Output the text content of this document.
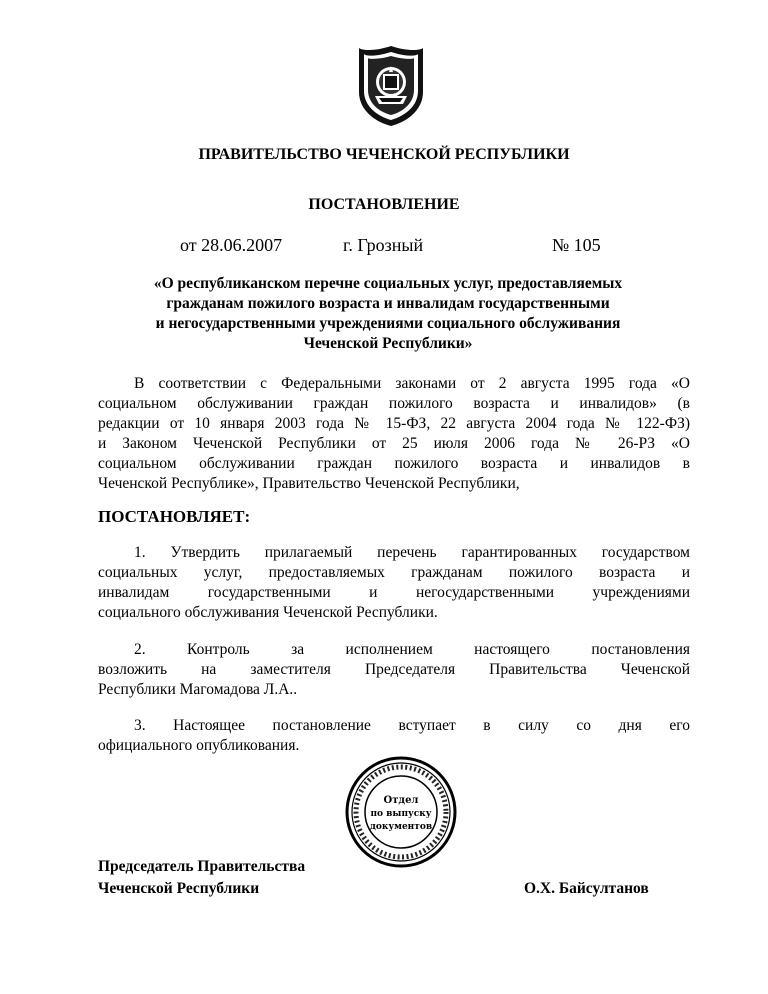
ПРАВИТЕЛЬСТВО ЧЕЧЕНСКОЙ РЕСПУБЛИКИ
ПОСТАНОВЛЕНИЕ
от 28.06.2007	г. Грозный	№ 105
«О республиканском перечне социальных услуг, предоставляемых
гражданам пожилого возраста и инвалидам государственными
и негосударственными учреждениями социального обслуживания
Чеченской Республики»
В соответствии с Федеральными законами от 2 августа 1995 года «О
социальном обслуживании граждан пожилого возраста и инвалидов» (в
редакции от 10 января 2003 года № 15-ФЗ, 22 августа 2004 года № 122-ФЗ)
и Законом Чеченской Республики от 25 июля 2006 года № 26-РЗ «О
социальном обслуживании граждан пожилого возраста и инвалидов в
Чеченской Республике», Правительство Чеченской Республики,
ПОСТАНОВЛЯЕТ:
1. Утвердить прилагаемый перечень гарантированных государством
социальных услуг, предоставляемых гражданам пожилого возраста и
инвалидам государственными и негосударственными учреждениями
социального обслуживания Чеченской Республики.
2. Контроль за исполнением настоящего постановления
возложить на заместителя Председателя Правительства Чеченской
Республики Магомадова Л.А..
3. Настоящее постановление вступает в силу со дня его
официального опубликования.
Отдел
по выпуску
документов
Председатель Правительства
Чеченской Республики	О.Х. Байсултанов
